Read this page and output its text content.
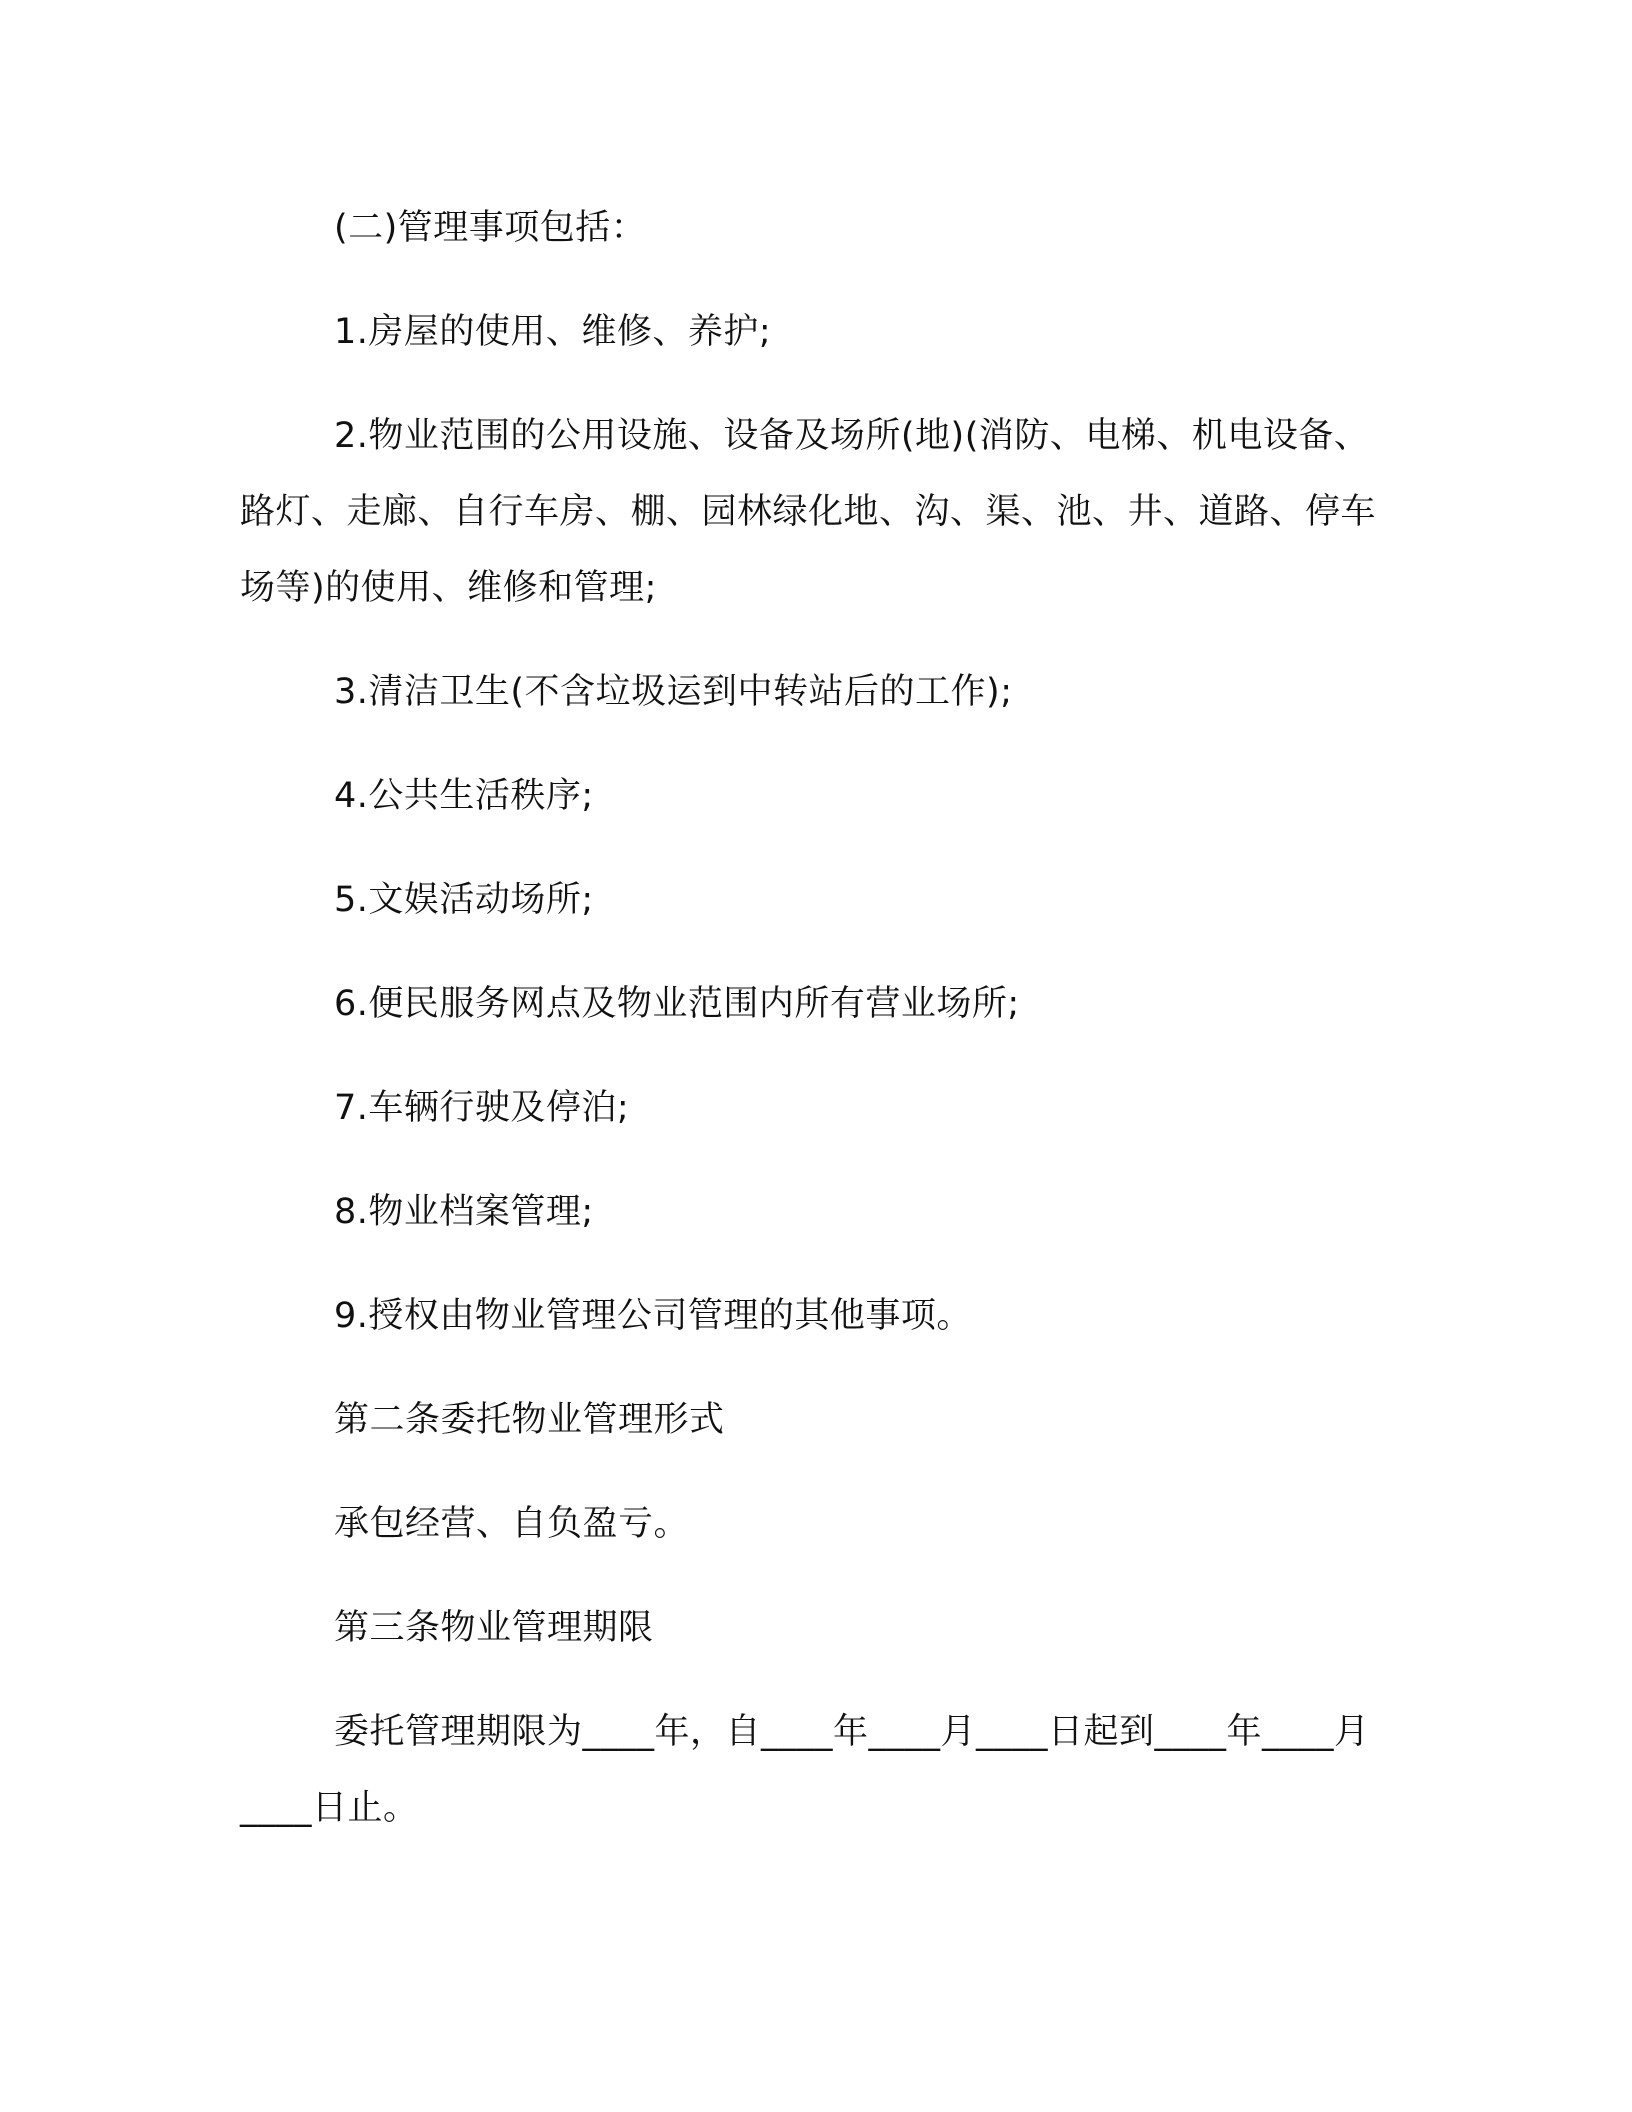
(二)管理事项包括：

1.房屋的使用、维修、养护;

2.物业范围的公用设施、设备及场所(地)(消防、电梯、机电设备、路灯、走廊、自行车房、棚、园林绿化地、沟、渠、池、井、道路、停车场等)的使用、维修和管理;

3.清洁卫生(不含垃圾运到中转站后的工作);

4.公共生活秩序;

5.文娱活动场所;

6.便民服务网点及物业范围内所有营业场所;

7.车辆行驶及停泊;

8.物业档案管理;

9.授权由物业管理公司管理的其他事项。

第二条委托物业管理形式

承包经营、自负盈亏。

第三条物业管理期限

委托管理期限为____年，自____年____月____日起到____年____月____日止。
